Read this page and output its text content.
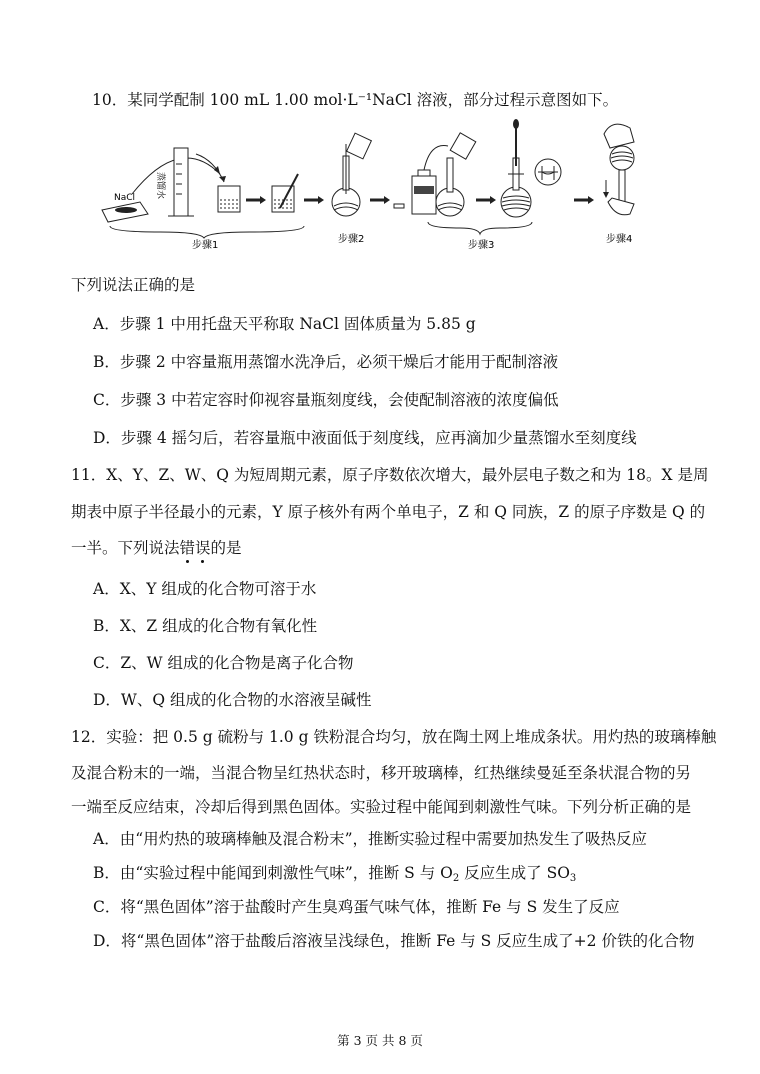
10．某同学配制 100 mL 1.00 mol·L⁻¹NaCl 溶液，部分过程示意图如下。
NaCl 蒸馏水
步骤1
步骤2
步骤3
步骤4
下列说法正确的是
A．步骤 1 中用托盘天平称取 NaCl 固体质量为 5.85 g
B．步骤 2 中容量瓶用蒸馏水洗净后，必须干燥后才能用于配制溶液
C．步骤 3 中若定容时仰视容量瓶刻度线，会使配制溶液的浓度偏低
D．步骤 4 摇匀后，若容量瓶中液面低于刻度线，应再滴加少量蒸馏水至刻度线
11．X、Y、Z、W、Q 为短周期元素，原子序数依次增大，最外层电子数之和为 18。X 是周
期表中原子半径最小的元素，Y 原子核外有两个单电子，Z 和 Q 同族，Z 的原子序数是 Q 的
一半。下列说法错误的是
A．X、Y 组成的化合物可溶于水
B．X、Z 组成的化合物有氧化性
C．Z、W 组成的化合物是离子化合物
D．W、Q 组成的化合物的水溶液呈碱性
12．实验：把 0.5 g 硫粉与 1.0 g 铁粉混合均匀，放在陶土网上堆成条状。用灼热的玻璃棒触
及混合粉末的一端，当混合物呈红热状态时，移开玻璃棒，红热继续曼延至条状混合物的另
一端至反应结束，冷却后得到黑色固体。实验过程中能闻到刺激性气味。下列分析正确的是
A．由“用灼热的玻璃棒触及混合粉末”，推断实验过程中需要加热发生了吸热反应
B．由“实验过程中能闻到刺激性气味”，推断 S 与 $O_2$ 反应生成了 $SO_3$
C．将“黑色固体”溶于盐酸时产生臭鸡蛋气味气体，推断 Fe 与 S 发生了反应
D．将“黑色固体”溶于盐酸后溶液呈浅绿色，推断 Fe 与 S 反应生成了+2 价铁的化合物
第 3 页 共 8 页
